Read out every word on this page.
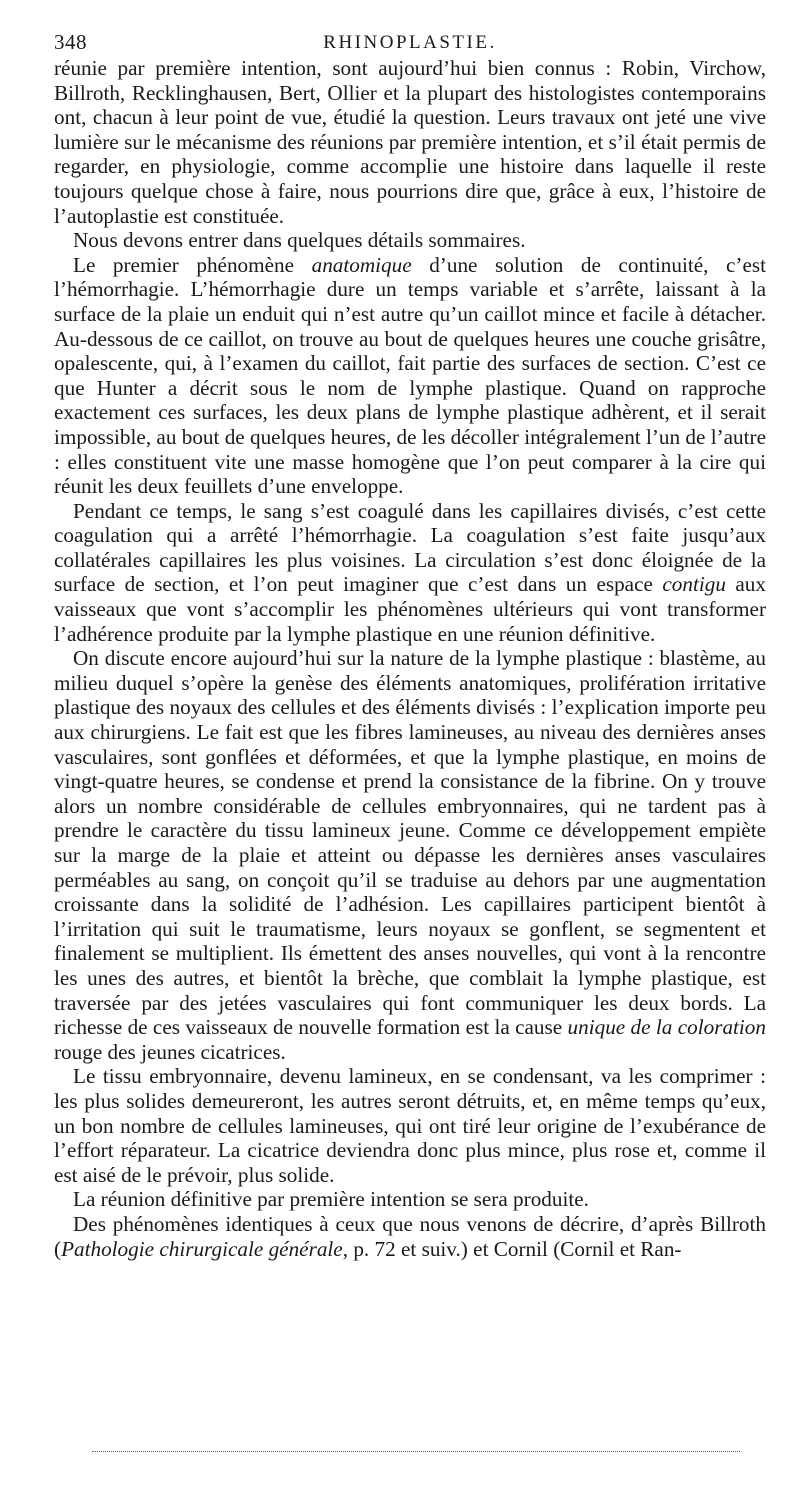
348	RHINOPLASTIE.

réunie par première intention, sont aujourd’hui bien connus : Robin, Virchow, Billroth, Recklinghausen, Bert, Ollier et la plupart des histologistes contemporains ont, chacun à leur point de vue, étudié la question. Leurs travaux ont jeté une vive lumière sur le mécanisme des réunions par première intention, et s’il était permis de regarder, en physiologie, comme accomplie une histoire dans laquelle il reste toujours quelque chose à faire, nous pourrions dire que, grâce à eux, l’histoire de l’autoplastie est constituée.

Nous devons entrer dans quelques détails sommaires.

Le premier phénomène anatomique d’une solution de continuité, c’est l’hémorrhagie. L’hémorrhagie dure un temps variable et s’arrête, laissant à la surface de la plaie un enduit qui n’est autre qu’un caillot mince et facile à détacher. Au-dessous de ce caillot, on trouve au bout de quelques heures une couche grisâtre, opalescente, qui, à l’examen du caillot, fait partie des surfaces de section. C’est ce que Hunter a décrit sous le nom de lymphe plastique. Quand on rapproche exactement ces surfaces, les deux plans de lymphe plastique adhèrent, et il serait impossible, au bout de quelques heures, de les décoller intégralement l’un de l’autre : elles constituent vite une masse homogène que l’on peut comparer à la cire qui réunit les deux feuillets d’une enveloppe.

Pendant ce temps, le sang s’est coagulé dans les capillaires divisés, c’est cette coagulation qui a arrêté l’hémorrhagie. La coagulation s’est faite jusqu’aux collatérales capillaires les plus voisines. La circulation s’est donc éloignée de la surface de section, et l’on peut imaginer que c’est dans un espace contigu aux vaisseaux que vont s’accomplir les phénomènes ultérieurs qui vont transformer l’adhérence produite par la lymphe plastique en une réunion définitive.

On discute encore aujourd’hui sur la nature de la lymphe plastique : blastème, au milieu duquel s’opère la genèse des éléments anatomiques, prolifération irritative plastique des noyaux des cellules et des éléments divisés : l’explication importe peu aux chirurgiens. Le fait est que les fibres lamineuses, au niveau des dernières anses vasculaires, sont gonflées et déformées, et que la lymphe plastique, en moins de vingt-quatre heures, se condense et prend la consistance de la fibrine. On y trouve alors un nombre considérable de cellules embryonnaires, qui ne tardent pas à prendre le caractère du tissu lamineux jeune. Comme ce développement empiète sur la marge de la plaie et atteint ou dépasse les dernières anses vasculaires perméables au sang, on conçoit qu’il se traduise au dehors par une augmentation croissante dans la solidité de l’adhésion. Les capillaires participent bientôt à l’irritation qui suit le traumatisme, leurs noyaux se gonflent, se segmentent et finalement se multiplient. Ils émettent des anses nouvelles, qui vont à la rencontre les unes des autres, et bientôt la brèche, que comblait la lymphe plastique, est traversée par des jetées vasculaires qui font communiquer les deux bords. La richesse de ces vaisseaux de nouvelle formation est la cause unique de la coloration rouge des jeunes cicatrices.

Le tissu embryonnaire, devenu lamineux, en se condensant, va les comprimer : les plus solides demeureront, les autres seront détruits, et, en même temps qu’eux, un bon nombre de cellules lamineuses, qui ont tiré leur origine de l’exubérance de l’effort réparateur. La cicatrice deviendra donc plus mince, plus rose et, comme il est aisé de le prévoir, plus solide.

La réunion définitive par première intention se sera produite.

Des phénomènes identiques à ceux que nous venons de décrire, d’après Billroth (Pathologie chirurgicale générale, p. 72 et suiv.) et Cornil (Cornil et Ran-
